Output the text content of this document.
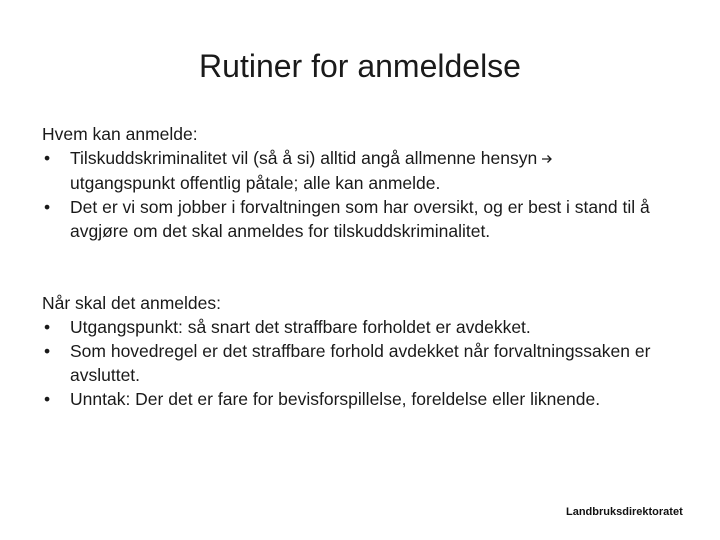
Rutiner for anmeldelse

Hvem kan anmelde:

• Tilskuddskriminalitet vil (så å si) alltid angå allmenne hensyn
utgangspunkt offentlig påtale; alle kan anmelde.
• Det er vi som jobber i forvaltningen som har oversikt, og er best i stand til å avgjøre om det skal anmeldes for tilskuddskriminalitet.

Når skal det anmeldes:

• Utgangspunkt: så snart det straffbare forholdet er avdekket.
• Som hovedregel er det straffbare forhold avdekket når forvaltningssaken er avsluttet.
• Unntak: Der det er fare for bevisforspillelse, foreldelse eller liknende.
Landbruksdirektoratet
